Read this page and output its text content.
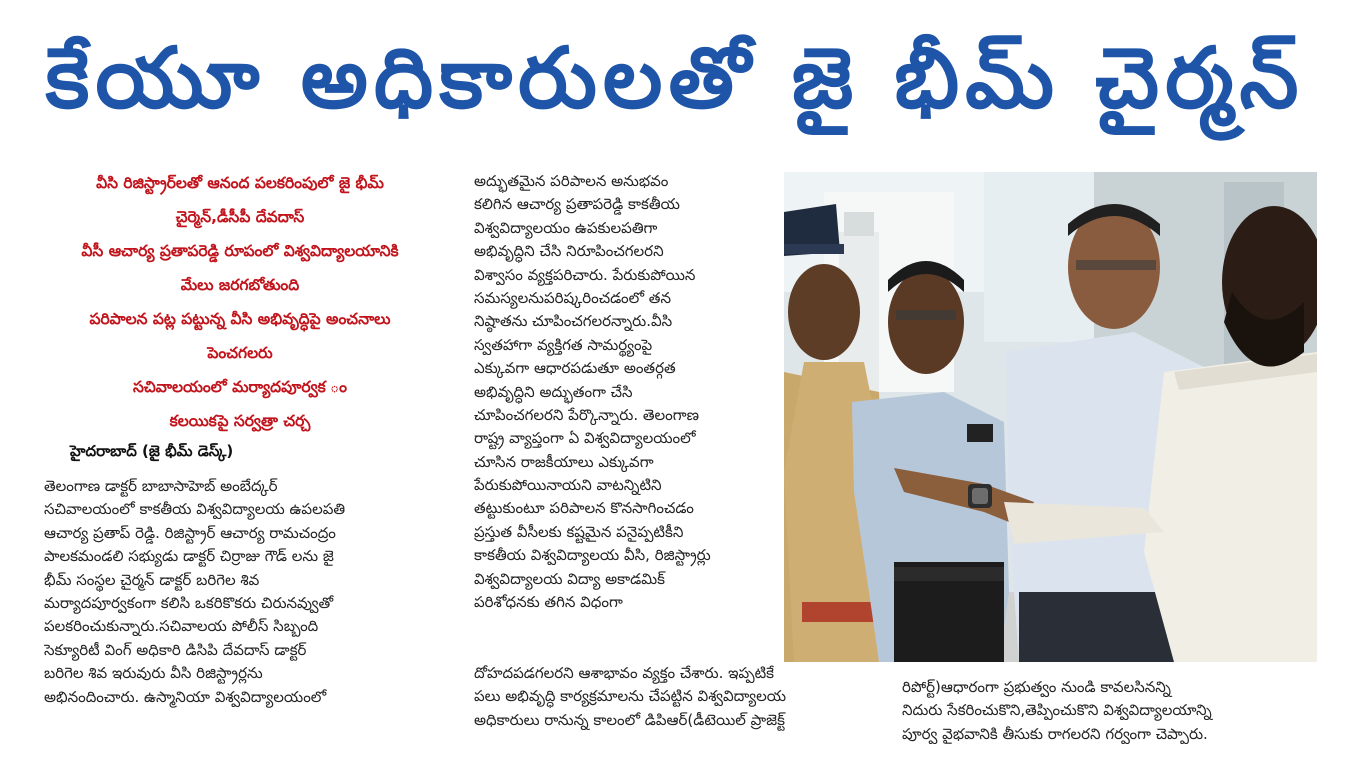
కేయూ అధికారులతో జై భీమ్ చైర్మన్
వీసి రిజిస్ట్రార్‌లతో ఆనంద పలకరింపులో జై భీమ్
చైర్మెన్,డీసీపీ దేవదాస్
వీసీ ఆచార్య ప్రతాపరెడ్డి రూపంలో విశ్వవిద్యాలయానికి
మేలు జరగబోతుంది
పరిపాలన పట్ల పట్టున్న వీసి అభివృద్ధిపై అంచనాలు
పెంచగలరు
సచివాలయంలో మర్యాదపూర్వక ం
కలయికపై సర్వత్రా చర్చ
హైదరాబాద్ (జై భీమ్ డెస్క్)
తెలంగాణ డాక్టర్ బాబాసాహెబ్ అంబేద్కర్
సచివాలయంలో కాకతీయ విశ్వవిద్యాలయ ఉపలపతి
ఆచార్య ప్రతాప్ రెడ్డి. రిజిస్ట్రార్ ఆచార్య రామచంద్రం
పాలకమండలి సభ్యుడు డాక్టర్ చిర్రాజు గౌడ్ లను జై
భీమ్ సంస్థల చైర్మన్ డాక్టర్ బరిగెల శివ
మర్యాదపూర్వకంగా కలిసి ఒకరికొకరు చిరునవ్వుతో
పలకరించుకున్నారు.సచివాలయ పోలీస్ సిబ్బంది
సెక్యూరిటీ వింగ్ అధికారి డిసిపి దేవదాస్ డాక్టర్
బరిగెల శివ ఇరువురు వీసి రిజిస్ట్రార్లను
అభినందించారు. ఉస్మానియా విశ్వవిద్యాలయంలో
అద్భుతమైన పరిపాలన అనుభవం
కలిగిన ఆచార్య ప్రతాపరెడ్డి కాకతీయ
విశ్వవిద్యాలయం ఉపకులపతిగా
అభివృద్ధిని చేసి నిరూపించగలరని
విశ్వాసం వ్యక్తపరిచారు. పేరుకుపోయిన
సమస్యలనుపరిష్కరించడంలో తన
నిష్ఠాతను చూపించగలరన్నారు.వీసి
స్వతహాగా వ్యక్తిగత సామర్థ్యంపై
ఎక్కువగా ఆధారపడుతూ అంతర్గత
అభివృద్ధిని అద్భుతంగా చేసి
చూపించగలరని పేర్కొన్నారు. తెలంగాణ
రాష్ట్ర వ్యాప్తంగా ఏ విశ్వవిద్యాలయంలో
చూసిన రాజకీయాలు ఎక్కువగా
పేరుకుపోయినాయని వాటన్నిటిని
తట్టుకుంటూ పరిపాలన కొనసాగించడం
ప్రస్తుత వీసీలకు కష్టమైన పనైప్పటికీని
కాకతీయ విశ్వవిద్యాలయ వీసి, రిజిస్ట్రార్లు
విశ్వవిద్యాలయ విద్యా అకాడమిక్
పరిశోధనకు తగిన విధంగా
దోహదపడగలరని ఆశాభావం వ్యక్తం చేశారు. ఇప్పటికే
పలు అభివృద్ధి కార్యక్రమాలను చేపట్టిన విశ్వవిద్యాలయ
అధికారులు రానున్న కాలంలో డిపిఆర్(డీటెయిల్ ప్రాజెక్ట్
రిపోర్ట్)ఆధారంగా ప్రభుత్వం నుండి కావలసినన్ని
నిదురు సేకరించుకొని,తెప్పించుకొని విశ్వవిద్యాలయాన్ని
పూర్వ వైభవానికి తీసుకు రాగలరని గర్వంగా చెప్పారు.
